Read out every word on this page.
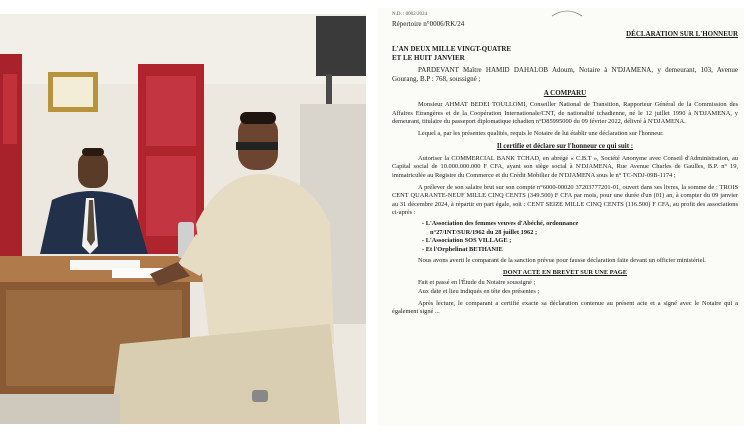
N.D. : 0002/2024
Répertoire n°0006/RK/24
DÉCLARATION SUR L'HONNEUR
L'AN DEUX MILLE VINGT-QUATRE
ET LE HUIT JANVIER
PARDEVANT Maître HAMID DAHALOB Adoum, Notaire à N'DJAMENA, y demeurant, 103, Avenue Gourang, B.P : 768, soussigné ;
A COMPARU
Monsieur AHMAT BEDEI TOULLOMI, Conseiller National de Transition, Rapporteur Général de la Commission des Affaires Etrangères et de la Coopération Internationale/CNT, de nationalité tchadienne, né le 12 juillet 1990 à N'DJAMENA, y demeurant, titulaire du passeport diplomatique tchadien n°D85995000 du 09 février 2022, délivré à N'DJAMENA.
Lequel a, par les présentes qualités, requis le Notaire de lui établir une déclaration sur l'honneur.
Il certifie et déclare sur l'honneur ce qui suit :
Autoriser la COMMERCIAL BANK TCHAD, en abrégé « C.B.T », Société Anonyme avec Conseil d'Administration, au Capital social de 10.000.000.000 F CFA, ayant son siège social à N'DJAMENA, Rue Avenue Charles de Gaulles, B.P. n° 19, immatriculée au Registre du Commerce et du Crédit Mobilier de N'DJAMENA sous le n° TC-NDJ-09B-1174 ;
A prélever de son salaire brut sur son compte n°6000-00020 37203777201-01, ouvert dans ses livres, la somme de : TROIS CENT QUARANTE-NEUF MILLE CINQ CENTS (349.500) F CFA par mois, pour une durée d'un (01) an, à compter du 09 janvier au 31 décembre 2024, à répartir en part égale, soit : CENT SEIZE MILLE CINQ CENTS (116.500) F CFA, au profit des associations ci-après :
- L'Association des femmes veuves d'Abéché, ordonnance
n°27/INT/SUR/1962 du 28 juillet 1962 ;
- L'Association SOS VILLAGE ;
- Et l'Orphelinat BETHANIE
Nous avons averti le comparant de la sanction prévue pour fausse déclaration faite devant un officier ministériel.
DONT ACTE EN BREVET SUR UNE PAGE
Fait et passé en l'Étude du Notaire soussigné ;
Aux date et lieu indiqués en tête des présentes ;
Après lecture, le comparant a certifié exacte sa déclaration contenue au présent acte et a signé avec le Notaire qui a également signé ...
